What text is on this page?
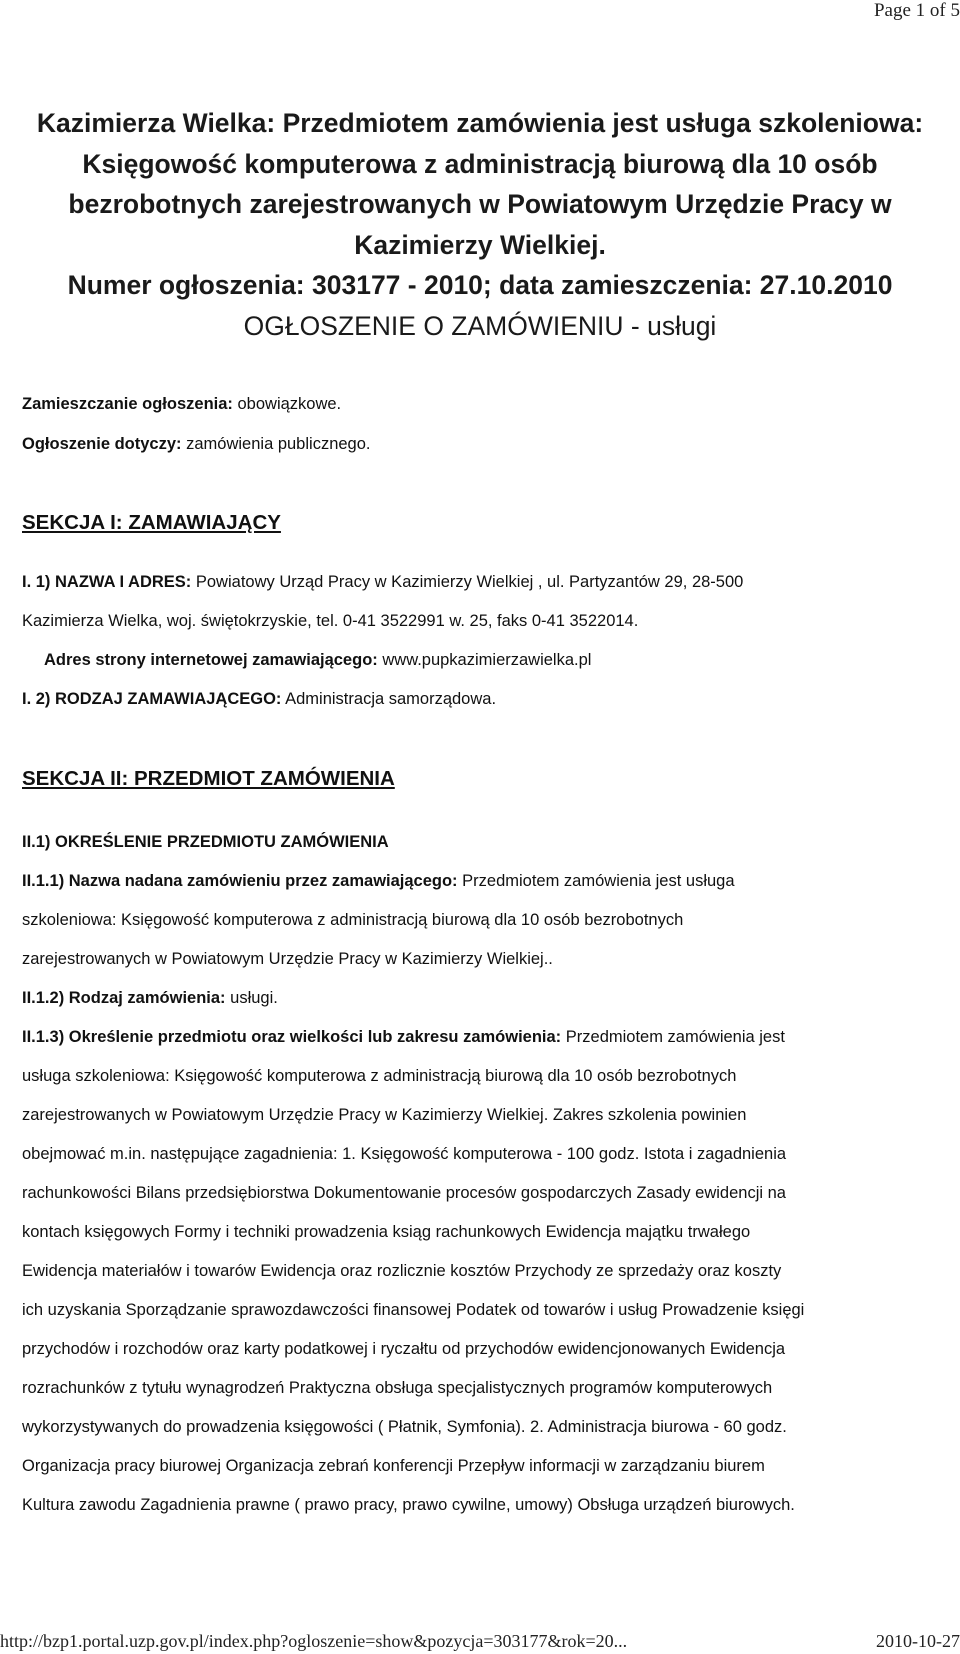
Page 1 of 5
Kazimierza Wielka: Przedmiotem zamówienia jest usługa szkoleniowa:
Księgowość komputerowa z administracją biurową dla 10 osób
bezrobotnych zarejestrowanych w Powiatowym Urzędzie Pracy w
Kazimierzy Wielkiej.
Numer ogłoszenia: 303177 - 2010; data zamieszczenia: 27.10.2010
OGŁOSZENIE O ZAMÓWIENIU - usługi
Zamieszczanie ogłoszenia: obowiązkowe.
Ogłoszenie dotyczy: zamówienia publicznego.
SEKCJA I: ZAMAWIAJĄCY
I. 1) NAZWA I ADRES: Powiatowy Urząd Pracy w Kazimierzy Wielkiej , ul. Partyzantów 29, 28-500
Kazimierza Wielka, woj. świętokrzyskie, tel. 0-41 3522991 w. 25, faks 0-41 3522014.
Adres strony internetowej zamawiającego: www.pupkazimierzawielka.pl
I. 2) RODZAJ ZAMAWIAJĄCEGO: Administracja samorządowa.
SEKCJA II: PRZEDMIOT ZAMÓWIENIA
II.1) OKREŚLENIE PRZEDMIOTU ZAMÓWIENIA

II.1.1) Nazwa nadana zamówieniu przez zamawiającego: Przedmiotem zamówienia jest usługa

szkoleniowa: Księgowość komputerowa z administracją biurową dla 10 osób bezrobotnych

zarejestrowanych w Powiatowym Urzędzie Pracy w Kazimierzy Wielkiej..

II.1.2) Rodzaj zamówienia: usługi.

II.1.3) Określenie przedmiotu oraz wielkości lub zakresu zamówienia: Przedmiotem zamówienia jest

usługa szkoleniowa: Księgowość komputerowa z administracją biurową dla 10 osób bezrobotnych

zarejestrowanych w Powiatowym Urzędzie Pracy w Kazimierzy Wielkiej. Zakres szkolenia powinien

obejmować m.in. następujące zagadnienia: 1. Księgowość komputerowa - 100 godz. Istota i zagadnienia

rachunkowości Bilans przedsiębiorstwa Dokumentowanie procesów gospodarczych Zasady ewidencji na

kontach księgowych Formy i techniki prowadzenia ksiąg rachunkowych Ewidencja majątku trwałego

Ewidencja materiałów i towarów Ewidencja oraz rozlicznie kosztów Przychody ze sprzedaży oraz koszty

ich uzyskania Sporządzanie sprawozdawczości finansowej Podatek od towarów i usług Prowadzenie księgi

przychodów i rozchodów oraz karty podatkowej i ryczałtu od przychodów ewidencjonowanych Ewidencja

rozrachunków z tytułu wynagrodzeń Praktyczna obsługa specjalistycznych programów komputerowych

wykorzystywanych do prowadzenia księgowości ( Płatnik, Symfonia). 2. Administracja biurowa - 60 godz.

Organizacja pracy biurowej Organizacja zebrań konferencji Przepływ informacji w zarządzaniu biurem

Kultura zawodu Zagadnienia prawne ( prawo pracy, prawo cywilne, umowy) Obsługa urządzeń biurowych.

http://bzp1.portal.uzp.gov.pl/index.php?ogloszenie=show&pozycja=303177&rok=20...	2010-10-27
